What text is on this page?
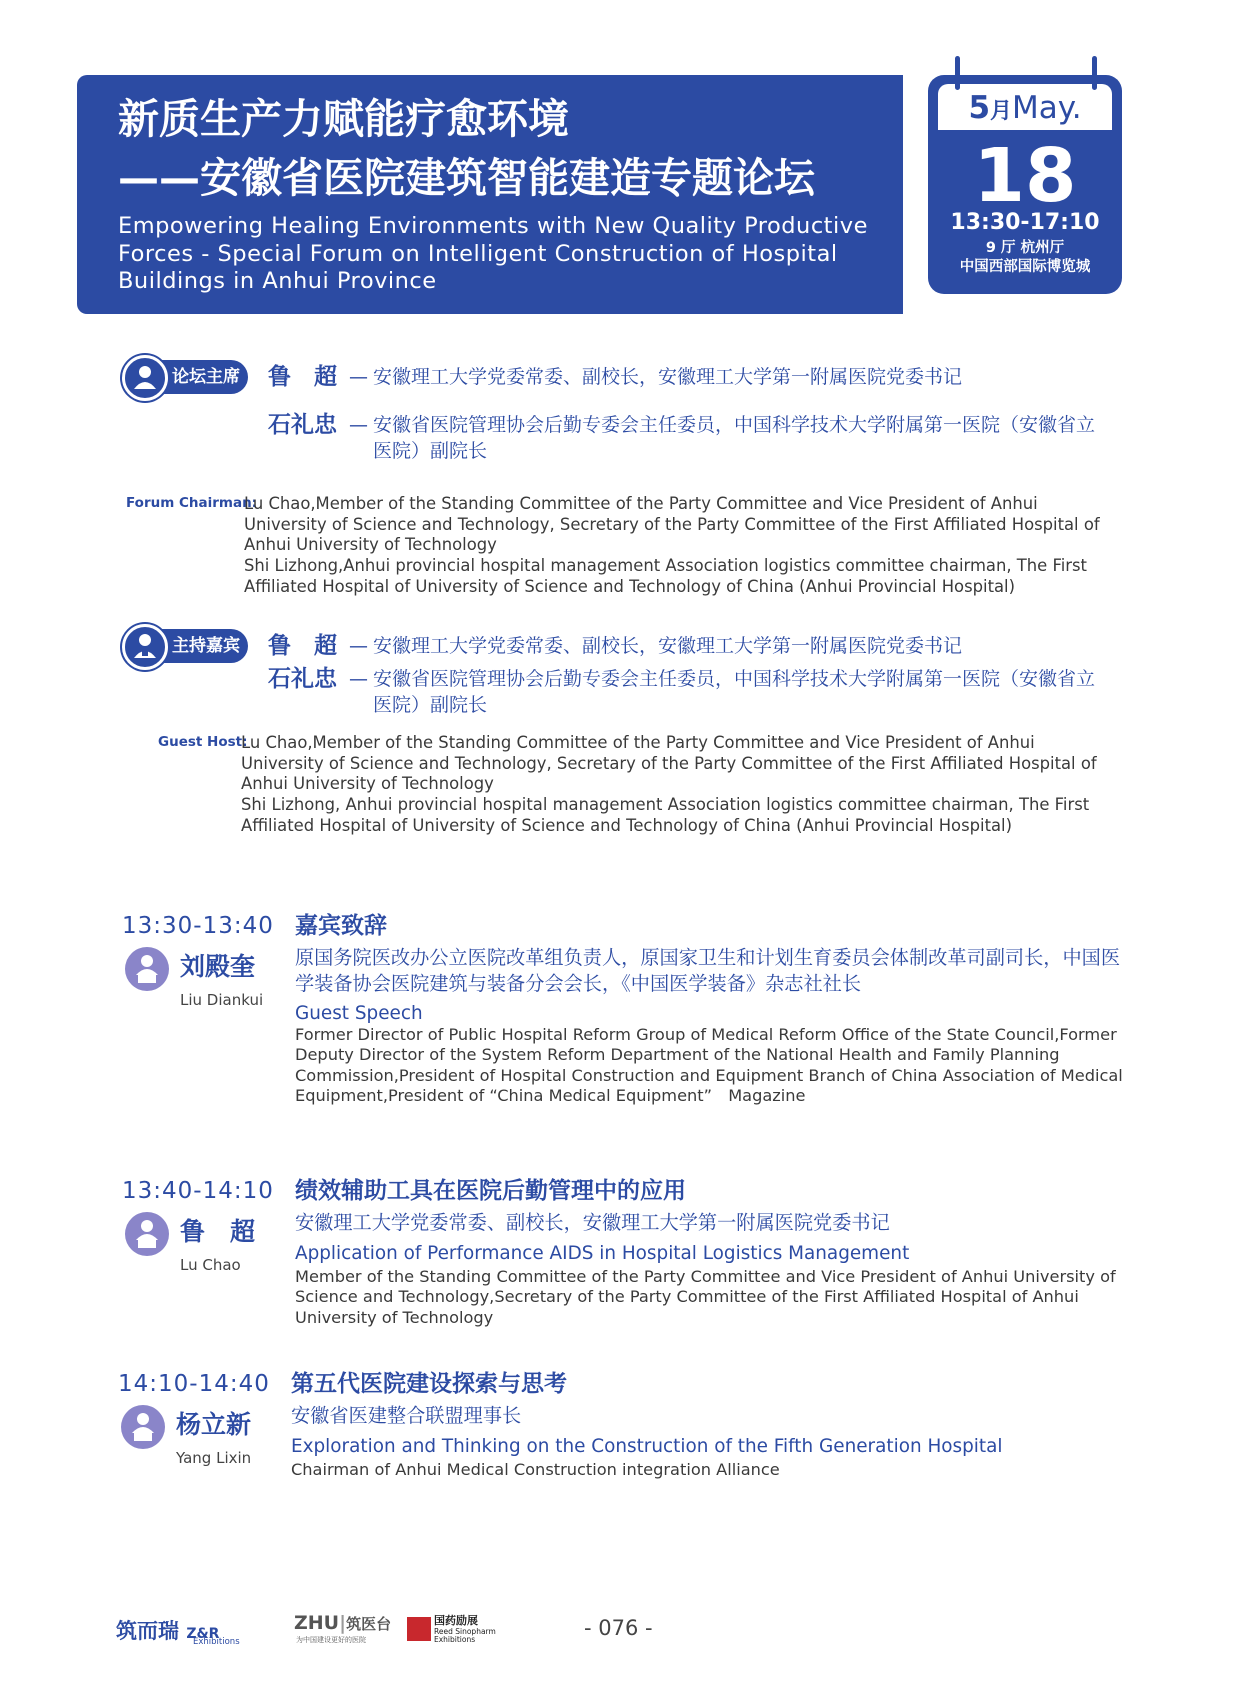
新质生产力赋能疗愈环境
——安徽省医院建筑智能建造专题论坛
Empowering Healing Environments with New Quality Productive Forces - Special Forum on Intelligent Construction of Hospital Buildings in Anhui Province
5月May.
18
13:30-17:10
9 厅 杭州厅
中国西部国际博览城
论坛主席	鲁　超 — 安徽理工大学党委常委、副校长，安徽理工大学第一附属医院党委书记
石礼忠 — 安徽省医院管理协会后勤专委会主任委员，中国科学技术大学附属第一医院（安徽省立医院）副院长
Forum Chairman:
Lu Chao,Member of the Standing Committee of the Party Committee and Vice President of Anhui University of Science and Technology, Secretary of the Party Committee of the First Affiliated Hospital of Anhui University of Technology
Shi Lizhong,Anhui provincial hospital management Association logistics committee chairman, The First Affiliated Hospital of University of Science and Technology of China (Anhui Provincial Hospital)
主持嘉宾	鲁　超 — 安徽理工大学党委常委、副校长，安徽理工大学第一附属医院党委书记
石礼忠 — 安徽省医院管理协会后勤专委会主任委员，中国科学技术大学附属第一医院（安徽省立医院）副院长
Guest Host:
Lu Chao,Member of the Standing Committee of the Party Committee and Vice President of Anhui University of Science and Technology, Secretary of the Party Committee of the First Affiliated Hospital of Anhui University of Technology
Shi Lizhong, Anhui provincial hospital management Association logistics committee chairman, The First Affiliated Hospital of University of Science and Technology of China (Anhui Provincial Hospital)
13:30-13:40
刘殿奎
Liu Diankui
嘉宾致辞
原国务院医改办公立医院改革组负责人，原国家卫生和计划生育委员会体制改革司副司长，中国医学装备协会医院建筑与装备分会会长，《中国医学装备》杂志社社长
Guest Speech
Former Director of Public Hospital Reform Group of Medical Reform Office of the State Council,Former Deputy Director of the System Reform Department of the National Health and Family Planning Commission,President of Hospital Construction and Equipment Branch of China Association of Medical Equipment,President of “China Medical Equipment”　Magazine
13:40-14:10
鲁　超
Lu Chao
绩效辅助工具在医院后勤管理中的应用
安徽理工大学党委常委、副校长，安徽理工大学第一附属医院党委书记
Application of Performance AIDS in Hospital Logistics Management
Member of the Standing Committee of the Party Committee and Vice President of Anhui University of Science and Technology,Secretary of the Party Committee of the First Affiliated Hospital of Anhui University of Technology
14:10-14:40
杨立新
Yang Lixin
第五代医院建设探索与思考
安徽省医建整合联盟理事长
Exploration and Thinking on the Construction of the Fifth Generation Hospital
Chairman of Anhui Medical Construction integration Alliance
筑而瑞 Z&R
Exhibitions
ZHU|筑医台
为中国建设更好的医院
国药励展
Reed Sinopharm
Exhibitions	- 076 -
